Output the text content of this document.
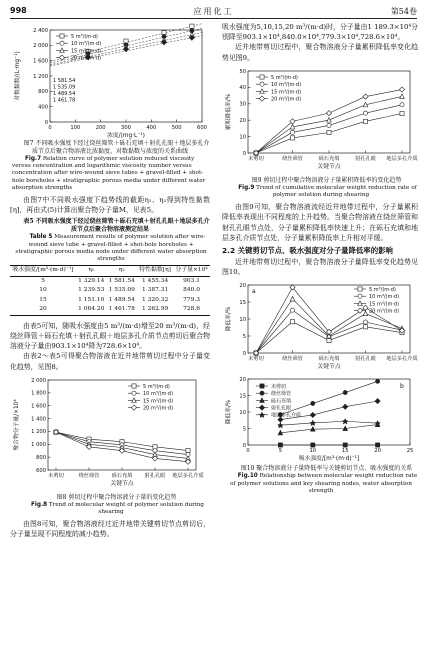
998	应用化工	第54卷
2 400
2 000
1 600
1 200
800
400
0
0	100	200	300	400	500	600
浓度/(mg·L⁻¹)
对数黏数/(L·mg⁻¹)	1 581.54
1 535.09
1 489.54
1 461.78
5 m³/(m·d)
10 m³/(m·d)
15 m³/(m·d)
20 m³/(m·d)

图7 不同吸水强度下经过绕丝筛管＋砾石充填＋射孔孔眼＋地层多孔介质节点后聚合物溶液比浓黏度、对数黏数与浓度的关系曲线

Fig.7 Relation curve of polymer solution reduced viscosity versus concentration and logarithmic viscosity number versus concentration after wire-wound sieve tubes + gravel-filled + shot-hole boreholes + stratigraphic porous media under different water absorption strengths

由图7中不同吸水强度下趋势线的截距η₁、η₂得到特性黏数[η]，再由式(5)计算出聚合物分子量M，见表5。

表5 不同吸水强度下经过绕丝筛管＋砾石充填＋射孔孔眼＋地层多孔介质节点后聚合物溶液测定结果

Table 5 Measurement results of polymer solution after wire-wound sieve tube + gravel-filled + shot-hole boreholes + stratigraphic porous media node under different water absorption strengths

吸水强度/[m³·(m·d)⁻¹]	η₁	η₂	特性黏数[η]	分子量×10⁴
5	1 329.14	1 581.54	1 455.34	903.1
10	1 239.53	1 535.09	1 387.31	840.0
15	1 151.10	1 489.54	1 320.32	779.3
20	1 064.20	1 461.78	1 262.99	728.6

由表5可知，随吸水强度由5 m³/(m·d)增至20 m³/(m·d)，经绕丝筛管＋砾石充填＋射孔孔眼＋地层多孔介质节点剪切后聚合物溶液分子量由903.1×10⁴降为728.6×10⁴。

由表2～表5可得聚合物溶液在近井地带剪切过程中分子量变化趋势，见图8。

2 000
1 800
1 600
1 400
1 200
1 000
800
600
未剪切	绕丝筛管 砾石充填 射孔孔眼 地层多孔介质
关键节点
聚合物分子量/×10⁴
5 m³/(m·d)
10 m³/(m·d)
15 m³/(m·d)
20 m³/(m·d)

图8 剪切过程中聚合物溶液分子量的变化趋势

Fig.8 Trend of molecular weight of polymer solution during shearing

由图8可知，聚合物溶液经过近井地带关键剪切节点剪切后，分子量呈现不同程度的减小趋势。

吸水强度为5,10,15,20 m³/(m·d)时，分子量由1 189.3×10⁴分别降至903.1×10⁴,840.0×10⁴,779.3×10⁴,728.6×10⁴。

近井地带剪切过程中，聚合物溶液分子量累积降低率变化趋势见图9。

50
40
30
20
10
0
未剪切	绕丝筛管	砾石充填	射孔孔眼 地层多孔介质
关键节点
累积降低率/%
5 m³/(m·d)
10 m³/(m·d)
15 m³/(m·d)
20 m³/(m·d)

图9 剪切过程中聚合物溶液分子量累积降低率的变化趋势

Fig.9 Trend of cumulative molecular weight reduction rate of polymer solution during shearing

由图9可知，聚合物溶液流经近井地带过程中，分子量累积降低率表现出不同程度的上升趋势。当聚合物溶液在绕丝筛管和射孔孔眼节点处，分子量累积降低率快速上升；在砾石充填和地层多孔介质节点处，分子量累积降低率上升相对平缓。

2.2 关键剪切节点、吸水强度对分子量降低率的影响

近井地带剪切过程中，聚合物溶液分子量降低率变化趋势见图10。

20
15
10
5
0
未剪切	绕丝筛管	砾石充填	射孔孔眼 地层多孔介质
关键节点
降低率/%
a	5 m³/(m·d)
10 m³/(m·d)
15 m³/(m·d)
20 m³/(m·d)
20
15
10
5
0
0	5	10	15	20	25
吸水强度/[m³·(m·d)⁻¹]
降低率/%
b
未剪切
绕丝筛管
砾石充填
射孔孔眼
地层多孔介质

图10 聚合物溶液分子量降低率与关键剪切节点、吸水强度的关系

Fig.10 Relationship between molecular weight reduction rate of polymer solutions and key shearing nodes, water absorption strength
